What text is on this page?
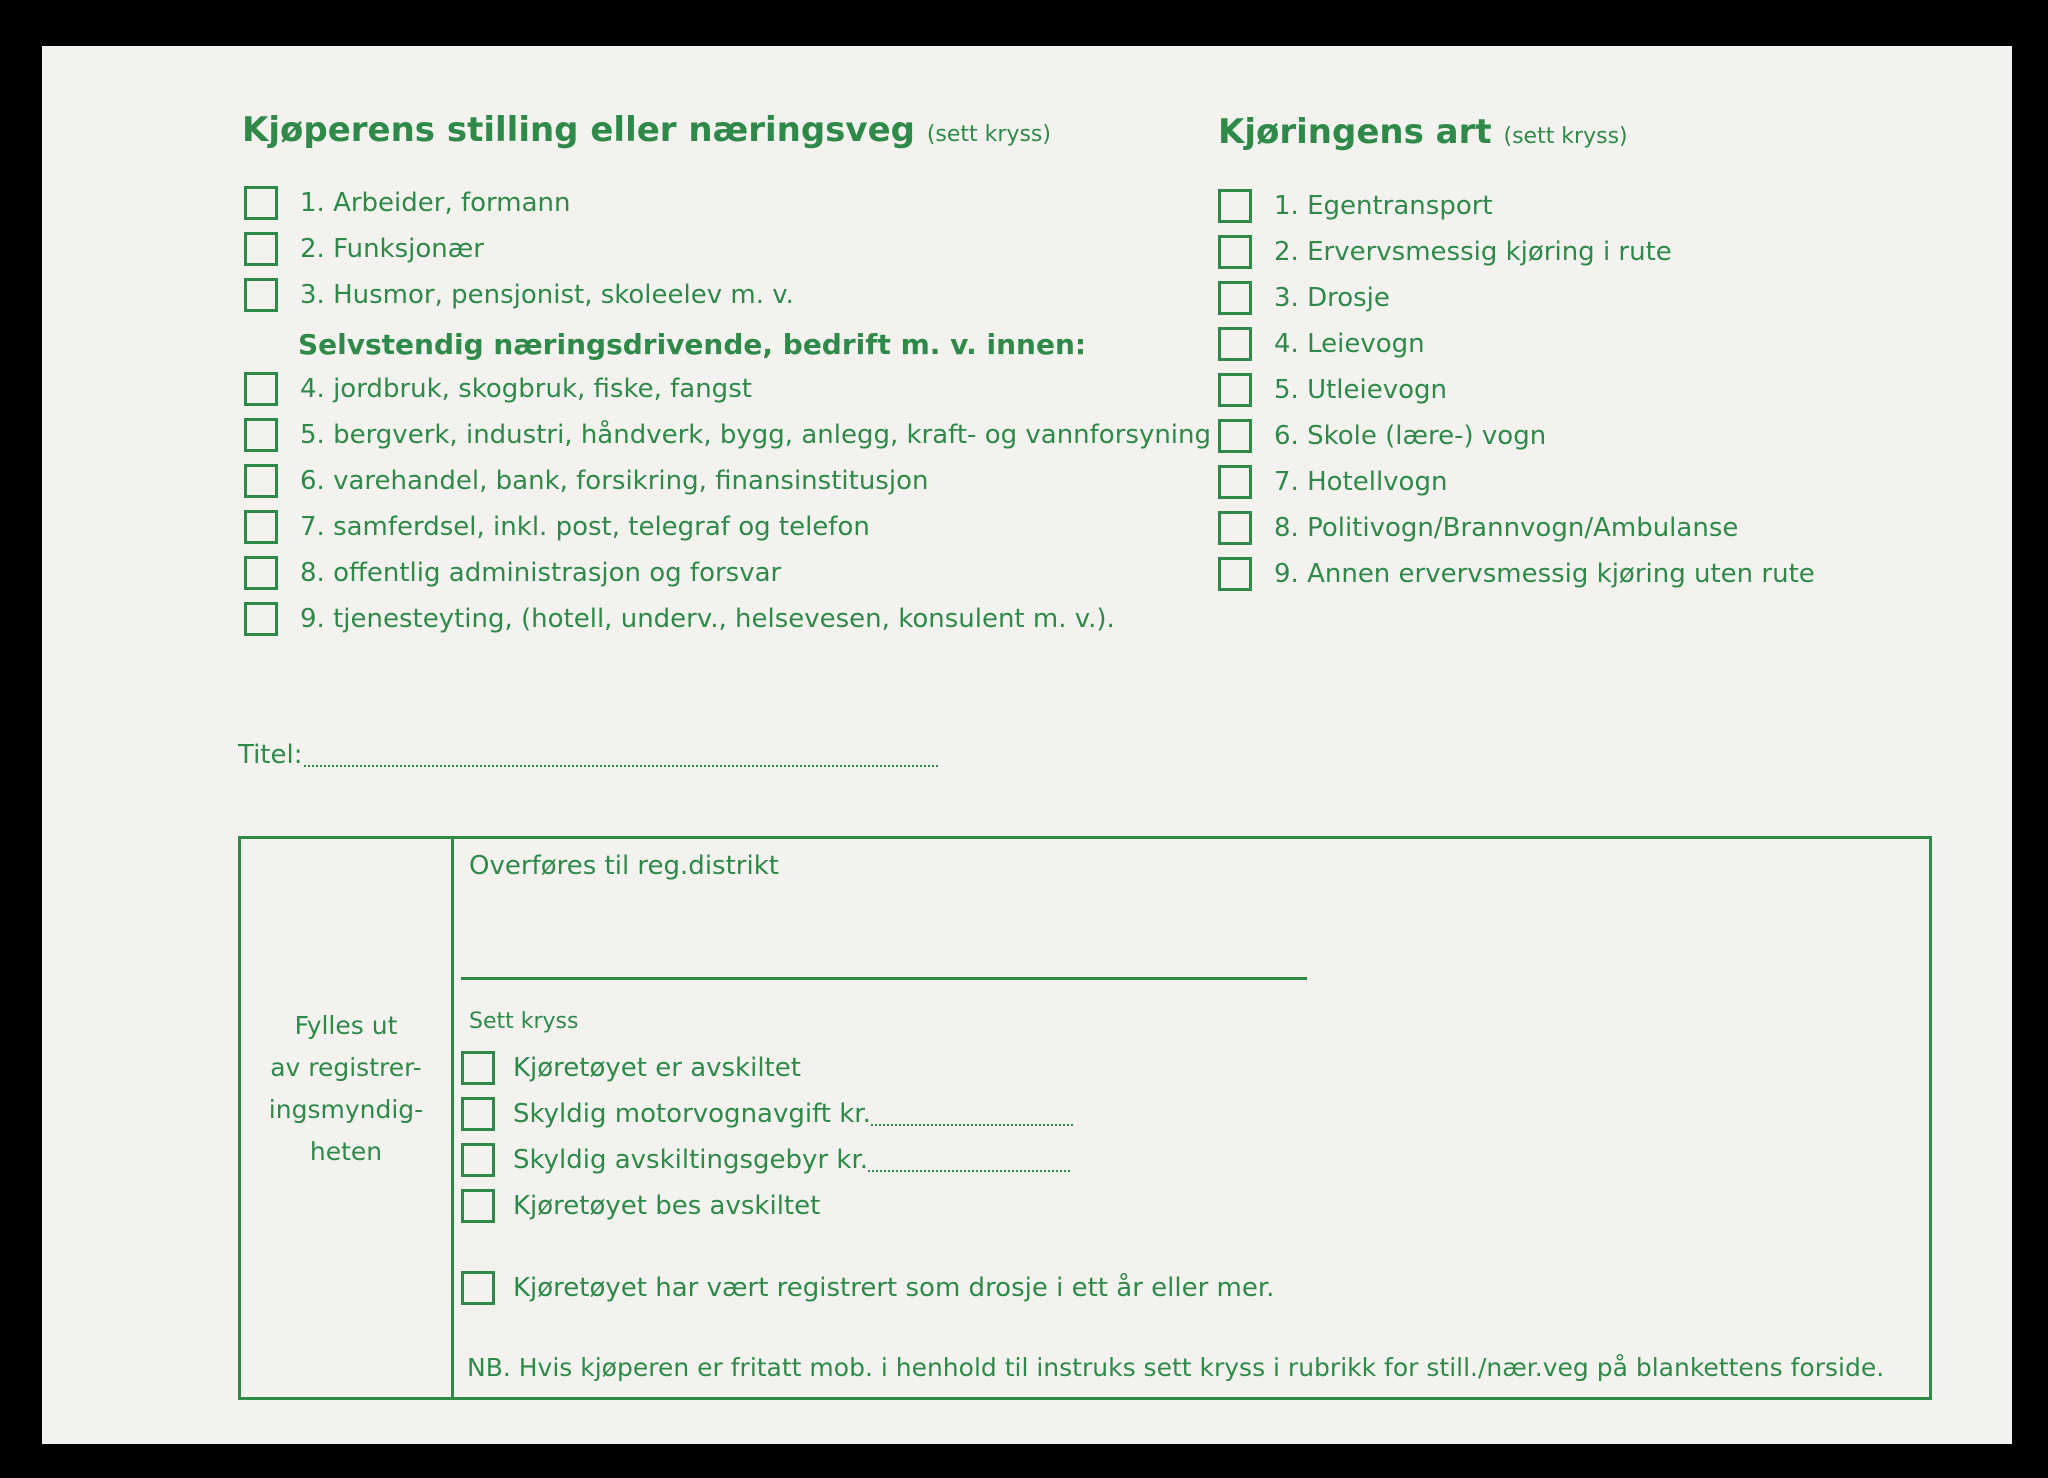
Kjøperens stilling eller næringsveg (sett kryss)
1. Arbeider, formann
2. Funksjonær
3. Husmor, pensjonist, skoleelev m. v.
Selvstendig næringsdrivende, bedrift m. v. innen:
4. jordbruk, skogbruk, fiske, fangst
5. bergverk, industri, håndverk, bygg, anlegg, kraft- og vannforsyning
6. varehandel, bank, forsikring, finansinstitusjon
7. samferdsel, inkl. post, telegraf og telefon
8. offentlig administrasjon og forsvar
9. tjenesteyting, (hotell, underv., helsevesen, konsulent m. v.).
Titel:
Kjøringens art (sett kryss)
1. Egentransport
2. Ervervsmessig kjøring i rute
3. Drosje
4. Leievogn
5. Utleievogn
6. Skole (lære-) vogn
7. Hotellvogn
8. Politivogn/Brannvogn/Ambulanse
9. Annen ervervsmessig kjøring uten rute
Fylles ut
av registrer-
ingsmyndig-
heten
Overføres til reg.distrikt
Sett kryss
Kjøretøyet er avskiltet
Skyldig motorvognavgift kr.
Skyldig avskiltingsgebyr kr.
Kjøretøyet bes avskiltet
Kjøretøyet har vært registrert som drosje i ett år eller mer.
NB. Hvis kjøperen er fritatt mob. i henhold til instruks sett kryss i rubrikk for still./nær.veg på blankettens forside.
